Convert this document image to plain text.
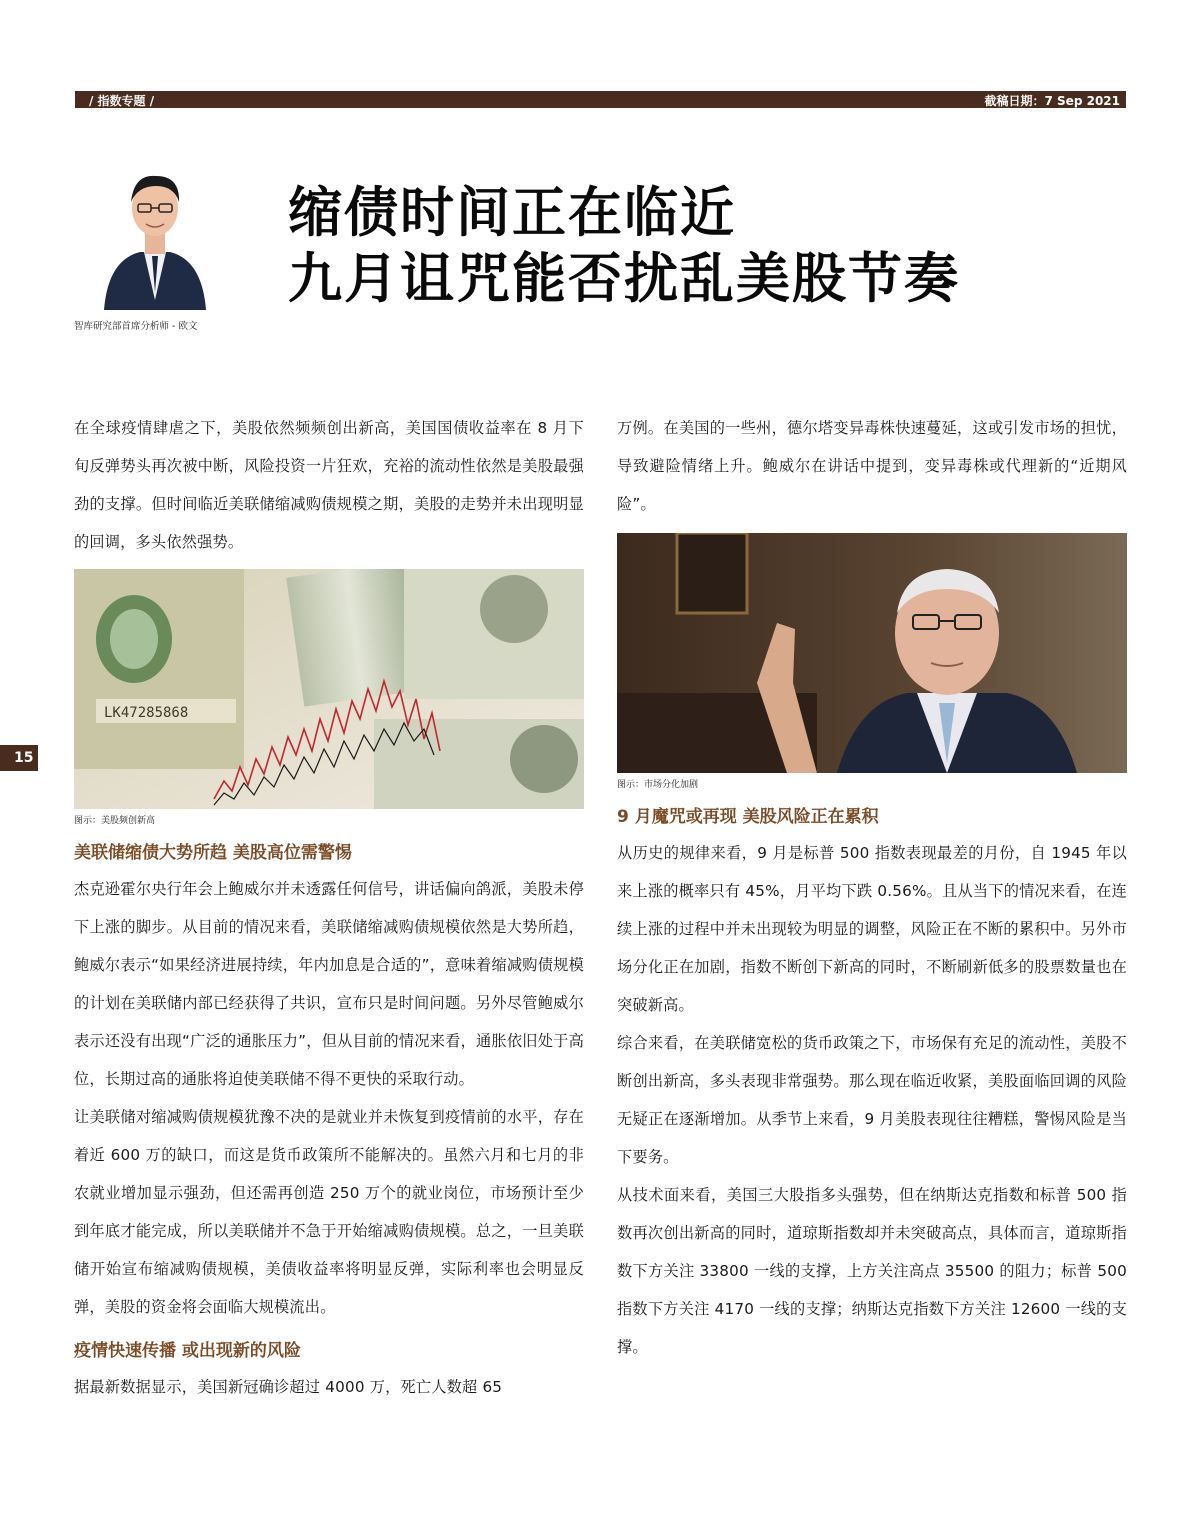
/ 指数专题 /	截稿日期：7 Sep 2021
15
智库研究部首席分析师 - 欧文
缩债时间正在临近
九月诅咒能否扰乱美股节奏

在全球疫情肆虐之下，美股依然频频创出新高，美国国债收益率在 8 月下旬反弹势头再次被中断，风险投资一片狂欢，充裕的流动性依然是美股最强劲的支撑。但时间临近美联储缩减购债规模之期，美股的走势并未出现明显的回调，多头依然强势。

LK47285868
图示：美股频创新高
美联储缩债大势所趋 美股高位需警惕

杰克逊霍尔央行年会上鲍威尔并未透露任何信号，讲话偏向鸽派，美股未停下上涨的脚步。从目前的情况来看，美联储缩减购债规模依然是大势所趋，鲍威尔表示“如果经济进展持续，年内加息是合适的”，意味着缩减购债规模的计划在美联储内部已经获得了共识，宣布只是时间问题。另外尽管鲍威尔表示还没有出现“广泛的通胀压力”，但从目前的情况来看，通胀依旧处于高位，长期过高的通胀将迫使美联储不得不更快的采取行动。

让美联储对缩减购债规模犹豫不决的是就业并未恢复到疫情前的水平，存在着近 600 万的缺口，而这是货币政策所不能解决的。虽然六月和七月的非农就业增加显示强劲，但还需再创造 250 万个的就业岗位，市场预计至少到年底才能完成，所以美联储并不急于开始缩减购债规模。总之，一旦美联储开始宣布缩减购债规模，美债收益率将明显反弹，实际利率也会明显反弹，美股的资金将会面临大规模流出。

疫情快速传播 或出现新的风险

据最新数据显示，美国新冠确诊超过 4000 万，死亡人数超 65

万例。在美国的一些州，德尔塔变异毒株快速蔓延，这或引发市场的担忧，导致避险情绪上升。鲍威尔在讲话中提到，变异毒株或代理新的“近期风险”。

图示：市场分化加剧
9 月魔咒或再现 美股风险正在累积

从历史的规律来看，9 月是标普 500 指数表现最差的月份，自 1945 年以来上涨的概率只有 45%，月平均下跌 0.56%。且从当下的情况来看，在连续上涨的过程中并未出现较为明显的调整，风险正在不断的累积中。另外市场分化正在加剧，指数不断创下新高的同时，不断刷新低多的股票数量也在突破新高。

综合来看，在美联储宽松的货币政策之下，市场保有充足的流动性，美股不断创出新高，多头表现非常强势。那么现在临近收紧，美股面临回调的风险无疑正在逐渐增加。从季节上来看，9 月美股表现往往糟糕，警惕风险是当下要务。

从技术面来看，美国三大股指多头强势，但在纳斯达克指数和标普 500 指数再次创出新高的同时，道琼斯指数却并未突破高点，具体而言，道琼斯指数下方关注 33800 一线的支撑，上方关注高点 35500 的阻力；标普 500 指数下方关注 4170 一线的支撑；纳斯达克指数下方关注 12600 一线的支撑。
